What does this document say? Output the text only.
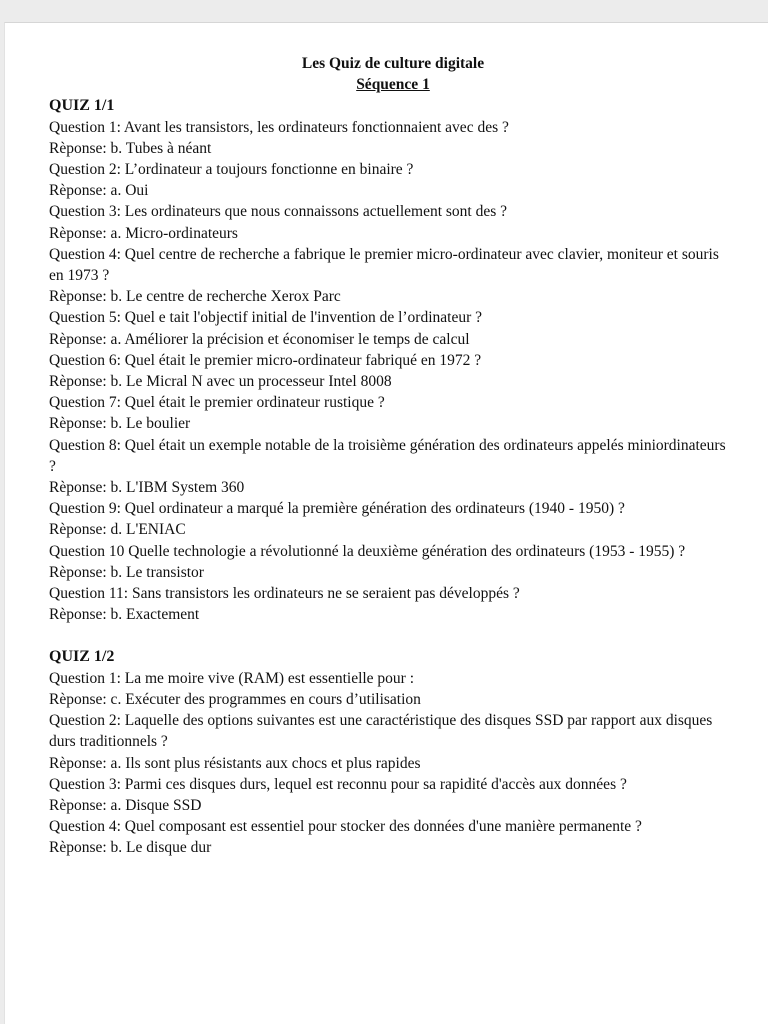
Les Quiz de culture digitale

Séquence 1

QUIZ 1/1

Question 1: Avant les transistors, les ordinateurs fonctionnaient avec des ?

Rèponse: b. Tubes à néant

Question 2: L’ordinateur a toujours fonctionne en binaire ?

Rèponse: a. Oui

Question 3: Les ordinateurs que nous connaissons actuellement sont des ?

Rèponse: a. Micro-ordinateurs

Question 4: Quel centre de recherche a fabrique le premier micro-ordinateur avec clavier, moniteur et souris en 1973 ?

Rèponse: b. Le centre de recherche Xerox Parc

Question 5: Quel e tait l'objectif initial de l'invention de l’ordinateur ?

Rèponse: a. Améliorer la précision et économiser le temps de calcul

Question 6: Quel était le premier micro-ordinateur fabriqué en 1972 ?

Rèponse: b. Le Micral N avec un processeur Intel 8008

Question 7: Quel était le premier ordinateur rustique ?

Rèponse: b. Le boulier

Question 8: Quel était un exemple notable de la troisième génération des ordinateurs appelés miniordinateurs ?

Rèponse: b. L'IBM System 360

Question 9: Quel ordinateur a marqué la première génération des ordinateurs (1940 - 1950) ?

Rèponse: d. L'ENIAC

Question 10 Quelle technologie a révolutionné la deuxième génération des ordinateurs (1953 - 1955) ?

Rèponse: b. Le transistor

Question 11: Sans transistors les ordinateurs ne se seraient pas développés ?

Rèponse: b. Exactement

QUIZ 1/2

Question 1: La me moire vive (RAM) est essentielle pour :

Rèponse: c. Exécuter des programmes en cours d’utilisation

Question 2: Laquelle des options suivantes est une caractéristique des disques SSD par rapport aux disques durs traditionnels ?

Rèponse: a. Ils sont plus résistants aux chocs et plus rapides

Question 3: Parmi ces disques durs, lequel est reconnu pour sa rapidité d'accès aux données ?

Rèponse: a. Disque SSD

Question 4: Quel composant est essentiel pour stocker des données d'une manière permanente ?

Rèponse: b. Le disque dur
